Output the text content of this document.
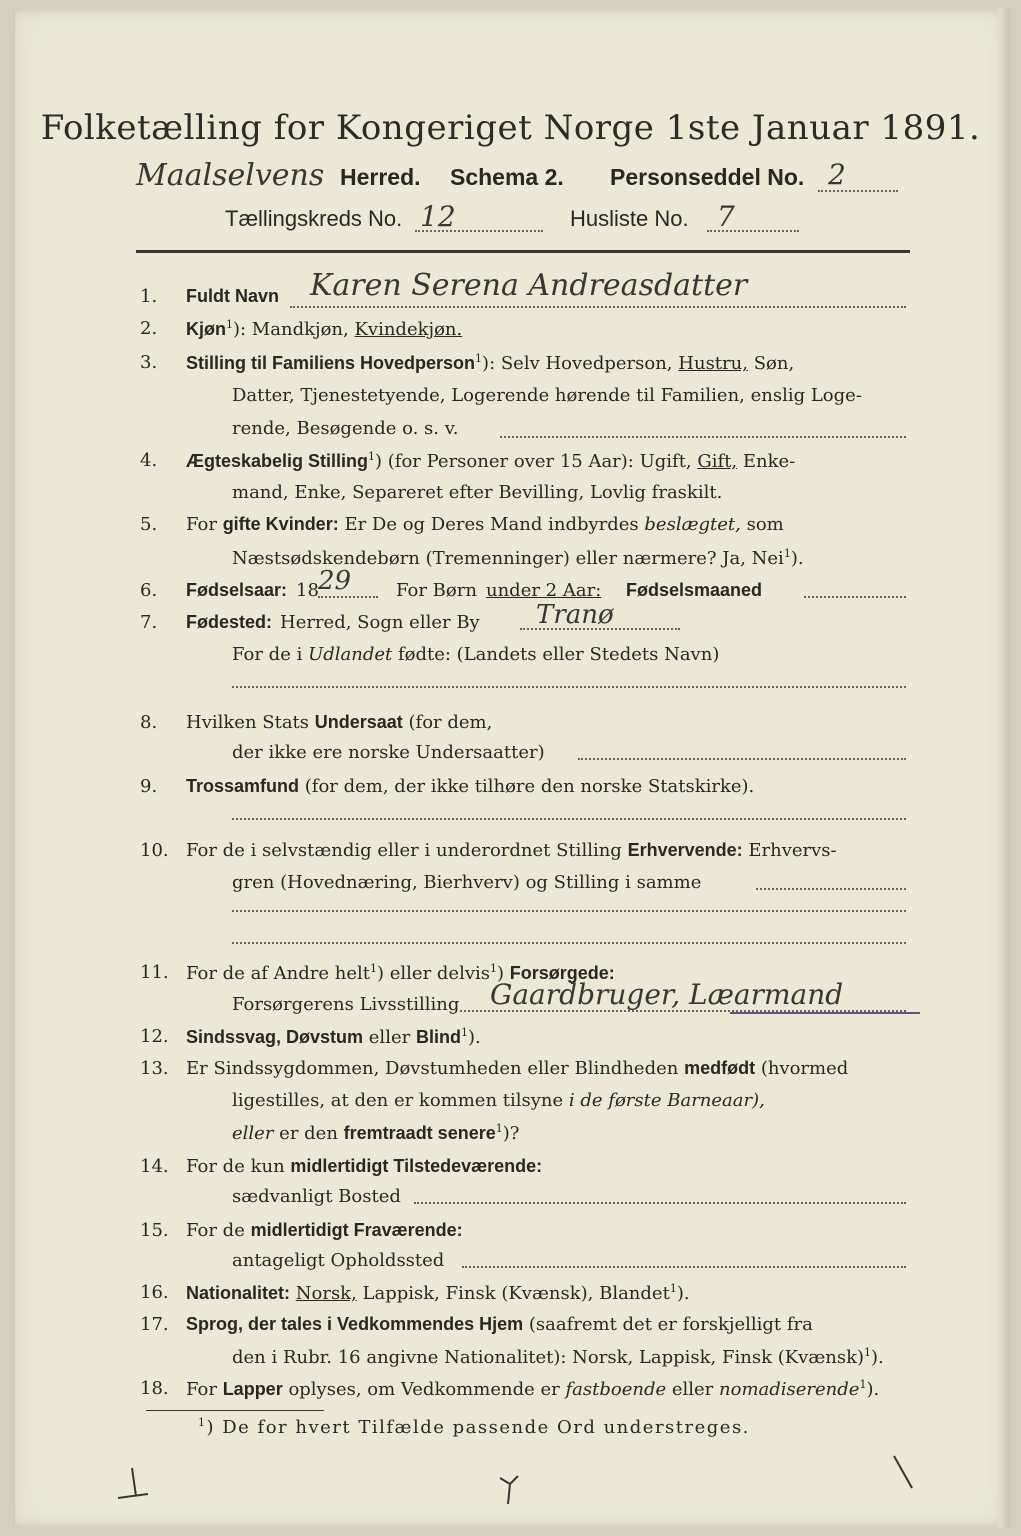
Folketælling for Kongeriget Norge 1ste Januar 1891.
Maalselvens Herred. Schema 2. Personseddel No. 2
Tællingskreds No. 12	Husliste No. 7
1.	Fuldt Navn Karen Serena Andreasdatter
2.	Kjøn$^1$): Mandkjøn, Kvindekjøn.
3.	Stilling til Familiens Hovedperson$^1$): Selv Hovedperson, Hustru, Søn,
Datter, Tjenestetyende, Logerende hørende til Familien, enslig Loge-
rende, Besøgende o. s. v.
4.	Ægteskabelig Stilling$^1$) (for Personer over 15 Aar): Ugift, Gift, Enke-
mand, Enke, Separeret efter Bevilling, Lovlig fraskilt.
5.	For gifte Kvinder: Er De og Deres Mand indbyrdes beslægtet, som
Næstsødskendebørn (Tremenninger) eller nærmere? Ja, Nei$^1$).
6.	Fødselsaar: 18 29 For Børn under 2 Aar: Fødselsmaaned
7.	Fødested: Herred, Sogn eller By Tranø
For de i Udlandet fødte: (Landets eller Stedets Navn)
8.	Hvilken Stats Undersaat (for dem,
der ikke ere norske Undersaatter)
9.	Trossamfund (for dem, der ikke tilhøre den norske Statskirke).
10. For de i selvstændig eller i underordnet Stilling Erhvervende: Erhvervs-
gren (Hovednæring, Bierhverv) og Stilling i samme
11. For de af Andre helt$^1$) eller delvis$^1$) Forsørgede:
Forsørgerens Livsstilling Gaardbruger, Læarmand
12. Sindssvag, Døvstum eller Blind$^1$).
13. Er Sindssygdommen, Døvstumheden eller Blindheden medfødt (hvormed
ligestilles, at den er kommen tilsyne i de første Barneaar),
eller er den fremtraadt senere$^1$)?
14. For de kun midlertidigt Tilstedeværende:
sædvanligt Bosted
15. For de midlertidigt Fraværende:
antageligt Opholdssted
16. Nationalitet: Norsk, Lappisk, Finsk (Kvænsk), Blandet$^1$).
17. Sprog, der tales i Vedkommendes Hjem (saafremt det er forskjelligt fra
den i Rubr. 16 angivne Nationalitet): Norsk, Lappisk, Finsk (Kvænsk)$^1$).
18. For Lapper oplyses, om Vedkommende er fastboende eller nomadiserende$^1$).
$^1$) De for hvert Tilfælde passende Ord understreges.
